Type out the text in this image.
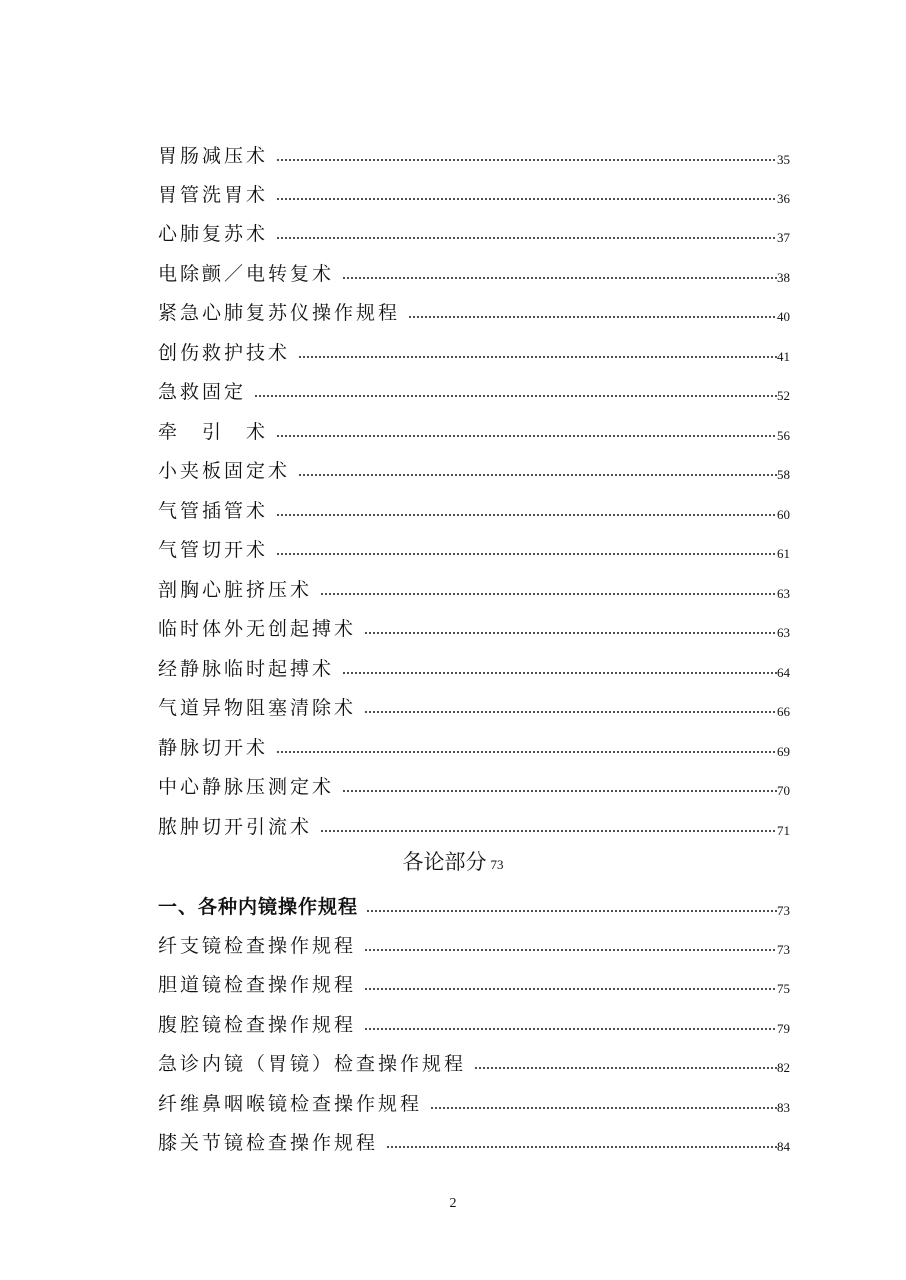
胃肠减压术	35
胃管洗胃术	36
心肺复苏术	37
电除颤／电转复术	38
紧急心肺复苏仪操作规程	40
创伤救护技术	41
急救固定	52
牵　引　术	56
小夹板固定术	58
气管插管术	60
气管切开术	61
剖胸心脏挤压术	63
临时体外无创起搏术	63
经静脉临时起搏术	64
气道异物阻塞清除术	66
静脉切开术	69
中心静脉压测定术	70
脓肿切开引流术	71
一、各种内镜操作规程	73
纤支镜检查操作规程	73
胆道镜检查操作规程	75
腹腔镜检查操作规程	79
急诊内镜（胃镜）检查操作规程	82
纤维鼻咽喉镜检查操作规程	83
膝关节镜检查操作规程	84
各论部分 73
2
